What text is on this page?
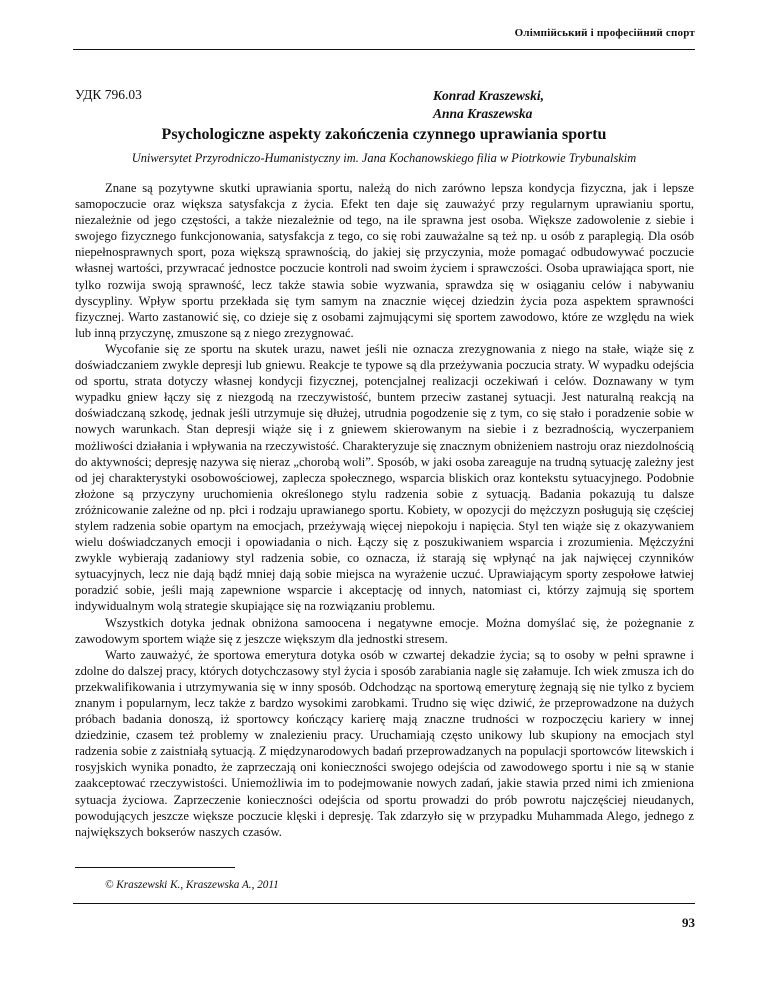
Олімпійський і професійний спорт
УДК 796.03	Konrad Kraszewski,
Anna Kraszewska
Psychologiczne aspekty zakończenia czynnego uprawiania sportu
Uniwersytet Przyrodniczo-Humanistyczny im. Jana Kochanowskiego filia w Piotrkowie Trybunalskim

Znane są pozytywne skutki uprawiania sportu, należą do nich zarówno lepsza kondycja fizyczna, jak i lepsze samopoczucie oraz większa satysfakcja z życia. Efekt ten daje się zauważyć przy regularnym uprawianiu sportu, niezależnie od jego częstości, a także niezależnie od tego, na ile sprawna jest osoba. Większe zadowolenie z siebie i swojego fizycznego funkcjonowania, satysfakcja z tego, co się robi zauważalne są też np. u osób z paraplegią. Dla osób niepełnosprawnych sport, poza większą sprawnością, do jakiej się przyczynia, może pomagać odbudowywać poczucie własnej wartości, przywracać jednostce poczucie kontroli nad swoim życiem i sprawczości. Osoba uprawiająca sport, nie tylko rozwija swoją sprawność, lecz także stawia sobie wyzwania, sprawdza się w osiąganiu celów i nabywaniu dyscypliny. Wpływ sportu przekłada się tym samym na znacznie więcej dziedzin życia poza aspektem sprawności fizycznej. Warto zastanowić się, co dzieje się z osobami zajmującymi się sportem zawodowo, które ze względu na wiek lub inną przyczynę, zmuszone są z niego zrezygnować.

Wycofanie się ze sportu na skutek urazu, nawet jeśli nie oznacza zrezygnowania z niego na stałe, wiąże się z doświadczaniem zwykle depresji lub gniewu. Reakcje te typowe są dla przeżywania poczucia straty. W wypadku odejścia od sportu, strata dotyczy własnej kondycji fizycznej, potencjalnej realizacji oczekiwań i celów. Doznawany w tym wypadku gniew łączy się z niezgodą na rzeczywistość, buntem przeciw zastanej sytuacji. Jest naturalną reakcją na doświadczaną szkodę, jednak jeśli utrzymuje się dłużej, utrudnia pogodzenie się z tym, co się stało i poradzenie sobie w nowych warunkach. Stan depresji wiąże się i z gniewem skierowanym na siebie i z bezradnością, wyczerpaniem możliwości działania i wpływania na rzeczywistość. Charakteryzuje się znacznym obniżeniem nastroju oraz niezdolnością do aktywności; depresję nazywa się nieraz „chorobą woli”. Sposób, w jaki osoba zareaguje na trudną sytuację zależny jest od jej charakterystyki osobowościowej, zaplecza społecznego, wsparcia bliskich oraz kontekstu sytuacyjnego. Podobnie złożone są przyczyny uruchomienia określonego stylu radzenia sobie z sytuacją. Badania pokazują tu dalsze zróżnicowanie zależne od np. płci i rodzaju uprawianego sportu. Kobiety, w opozycji do mężczyzn posługują się częściej stylem radzenia sobie opartym na emocjach, przeżywają więcej niepokoju i napięcia. Styl ten wiąże się z okazywaniem wielu doświadczanych emocji i opowiadania o nich. Łączy się z poszukiwaniem wsparcia i zrozumienia. Mężczyźni zwykle wybierają zadaniowy styl radzenia sobie, co oznacza, iż starają się wpłynąć na jak najwięcej czynników sytuacyjnych, lecz nie dają bądź mniej dają sobie miejsca na wyrażenie uczuć. Uprawiającym sporty zespołowe łatwiej poradzić sobie, jeśli mają zapewnione wsparcie i akceptację od innych, natomiast ci, którzy zajmują się sportem indywidualnym wolą strategie skupiające się na rozwiązaniu problemu.

Wszystkich dotyka jednak obniżona samoocena i negatywne emocje. Można domyślać się, że pożegnanie z zawodowym sportem wiąże się z jeszcze większym dla jednostki stresem.

Warto zauważyć, że sportowa emerytura dotyka osób w czwartej dekadzie życia; są to osoby w pełni sprawne i zdolne do dalszej pracy, których dotychczasowy styl życia i sposób zarabiania nagle się załamuje. Ich wiek zmusza ich do przekwalifikowania i utrzymywania się w inny sposób. Odchodząc na sportową emeryturę żegnają się nie tylko z byciem znanym i popularnym, lecz także z bardzo wysokimi zarobkami. Trudno się więc dziwić, że przeprowadzone na dużych próbach badania donoszą, iż sportowcy kończący karierę mają znaczne trudności w rozpoczęciu kariery w innej dziedzinie, czasem też problemy w znalezieniu pracy. Uruchamiają często unikowy lub skupiony na emocjach styl radzenia sobie z zaistniałą sytuacją. Z międzynarodowych badań przeprowadzanych na populacji sportowców litewskich i rosyjskich wynika ponadto, że zaprzeczają oni konieczności swojego odejścia od zawodowego sportu i nie są w stanie zaakceptować rzeczywistości. Uniemożliwia im to podejmowanie nowych zadań, jakie stawia przed nimi ich zmieniona sytuacja życiowa. Zaprzeczenie konieczności odejścia od sportu prowadzi do prób powrotu najczęściej nieudanych, powodujących jeszcze większe poczucie klęski i depresję. Tak zdarzyło się w przypadku Muhammada Alego, jednego z największych bokserów naszych czasów.

© Kraszewski K., Kraszewska A., 2011
93
